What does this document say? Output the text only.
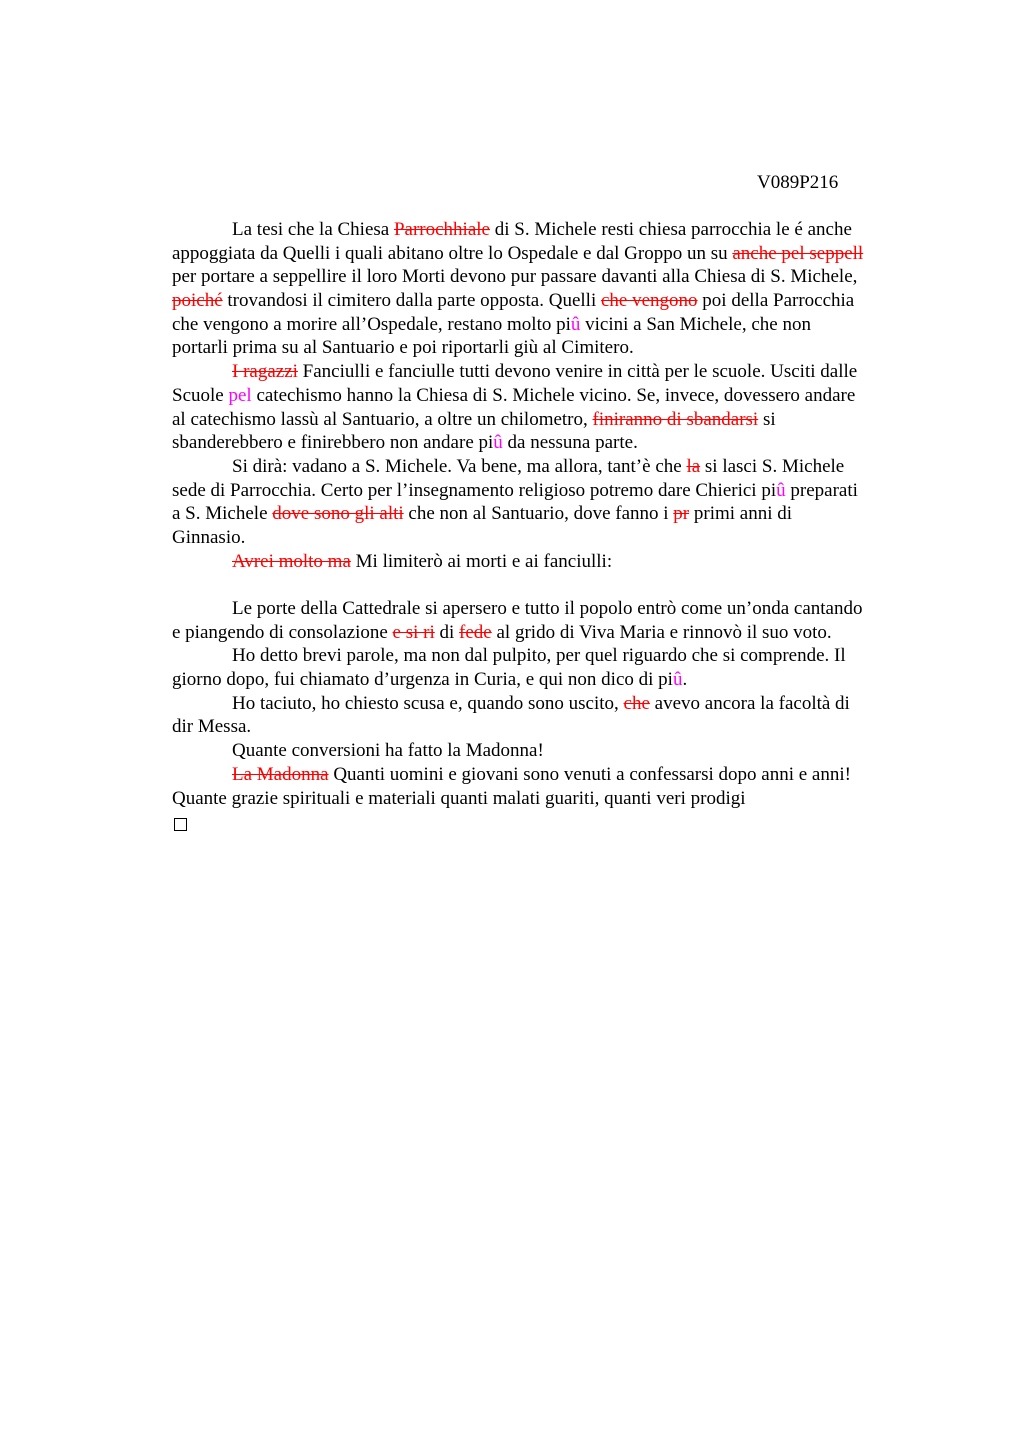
V089P216
La tesi che la Chiesa Parrochhiale di S. Michele resti chiesa parrocchia le é anche
appoggiata da Quelli i quali abitano oltre lo Ospedale e dal Groppo un su anche pel seppell
per portare a seppellire il loro Morti devono pur passare davanti alla Chiesa di S. Michele,
poiché trovandosi il cimitero dalla parte opposta. Quelli che vengono poi della Parrocchia
che vengono a morire all’Ospedale, restano molto piû vicini a San Michele, che non
portarli prima su al Santuario e poi riportarli giù al Cimitero.
I ragazzi Fanciulli e fanciulle tutti devono venire in città per le scuole. Usciti dalle
Scuole pel catechismo hanno la Chiesa di S. Michele vicino. Se, invece, dovessero andare
al catechismo lassù al Santuario, a oltre un chilometro, finiranno di sbandarsi si
sbanderebbero e finirebbero non andare piû da nessuna parte.
Si dirà: vadano a S. Michele. Va bene, ma allora, tant’è che la si lasci S. Michele
sede di Parrocchia. Certo per l’insegnamento religioso potremo dare Chierici piû preparati
a S. Michele dove sono gli alti che non al Santuario, dove fanno i pr primi anni di
Ginnasio.
Avrei molto ma Mi limiterò ai morti e ai fanciulli:
Le porte della Cattedrale si apersero e tutto il popolo entrò come un’onda cantando
e piangendo di consolazione e si ri di fede al grido di Viva Maria e rinnovò il suo voto.
Ho detto brevi parole, ma non dal pulpito, per quel riguardo che si comprende. Il
giorno dopo, fui chiamato d’urgenza in Curia, e qui non dico di piû.
Ho taciuto, ho chiesto scusa e, quando sono uscito, che avevo ancora la facoltà di
dir Messa.
Quante conversioni ha fatto la Madonna!
La Madonna Quanti uomini e giovani sono venuti a confessarsi dopo anni e anni!
Quante grazie spirituali e materiali quanti malati guariti, quanti veri prodigi
